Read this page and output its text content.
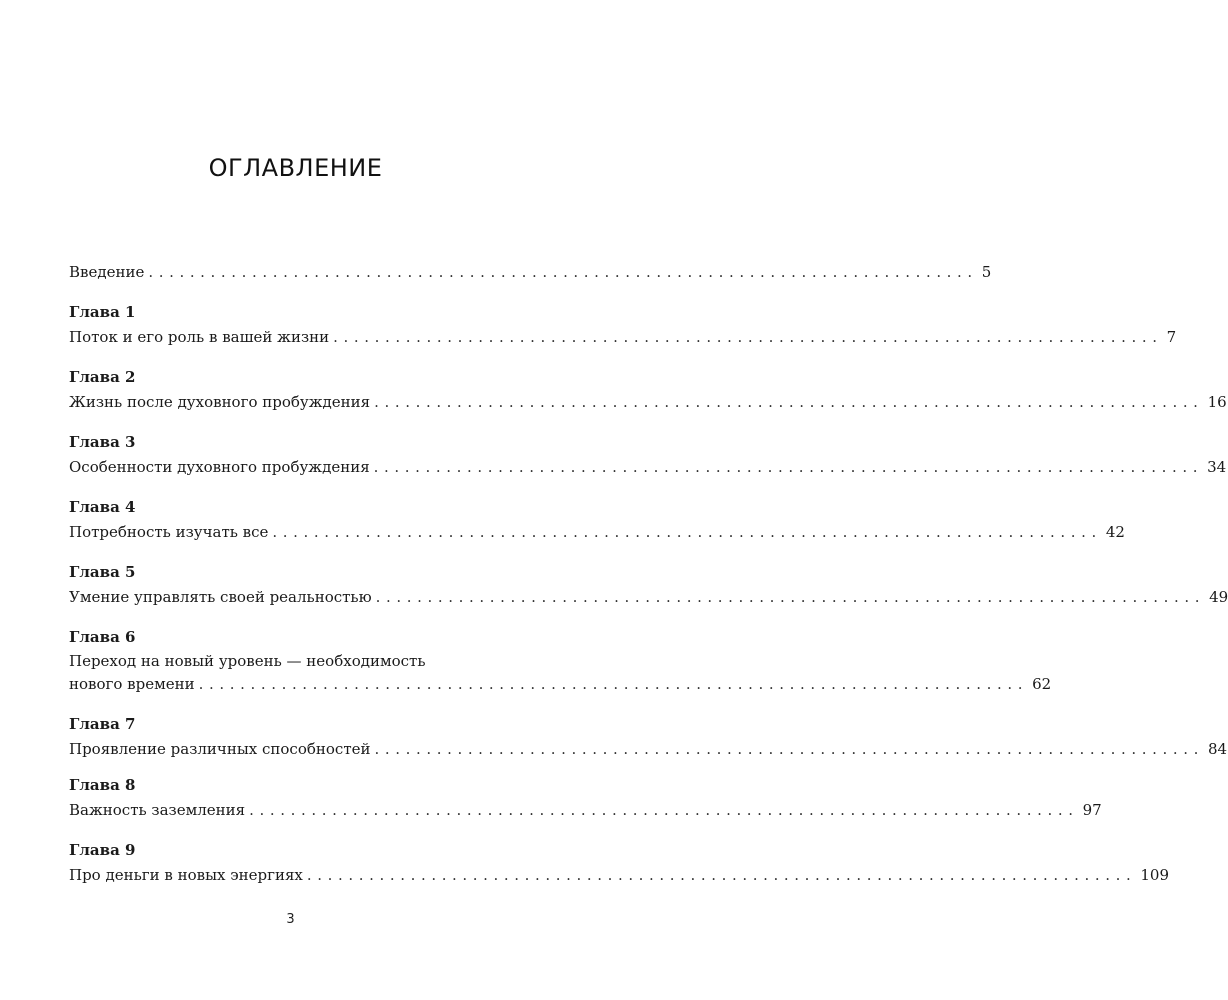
ОГЛАВЛЕНИЕ
Введение ................................................................................ 5
Глава 1
Поток и его роль в вашей жизни ................................................................................ 7
Глава 2
Жизнь после духовного пробуждения ................................................................................ 16
Глава 3
Особенности духовного пробуждения ................................................................................ 34
Глава 4
Потребность изучать все ................................................................................ 42
Глава 5
Умение управлять своей реальностью ................................................................................ 49
Глава 6
Переход на новый уровень — необходимость
нового времени ................................................................................ 62
Глава 7
Проявление различных способностей ................................................................................ 84
Глава 8
Важность заземления ................................................................................ 97
Глава 9
Про деньги в новых энергиях ................................................................................ 109
3
